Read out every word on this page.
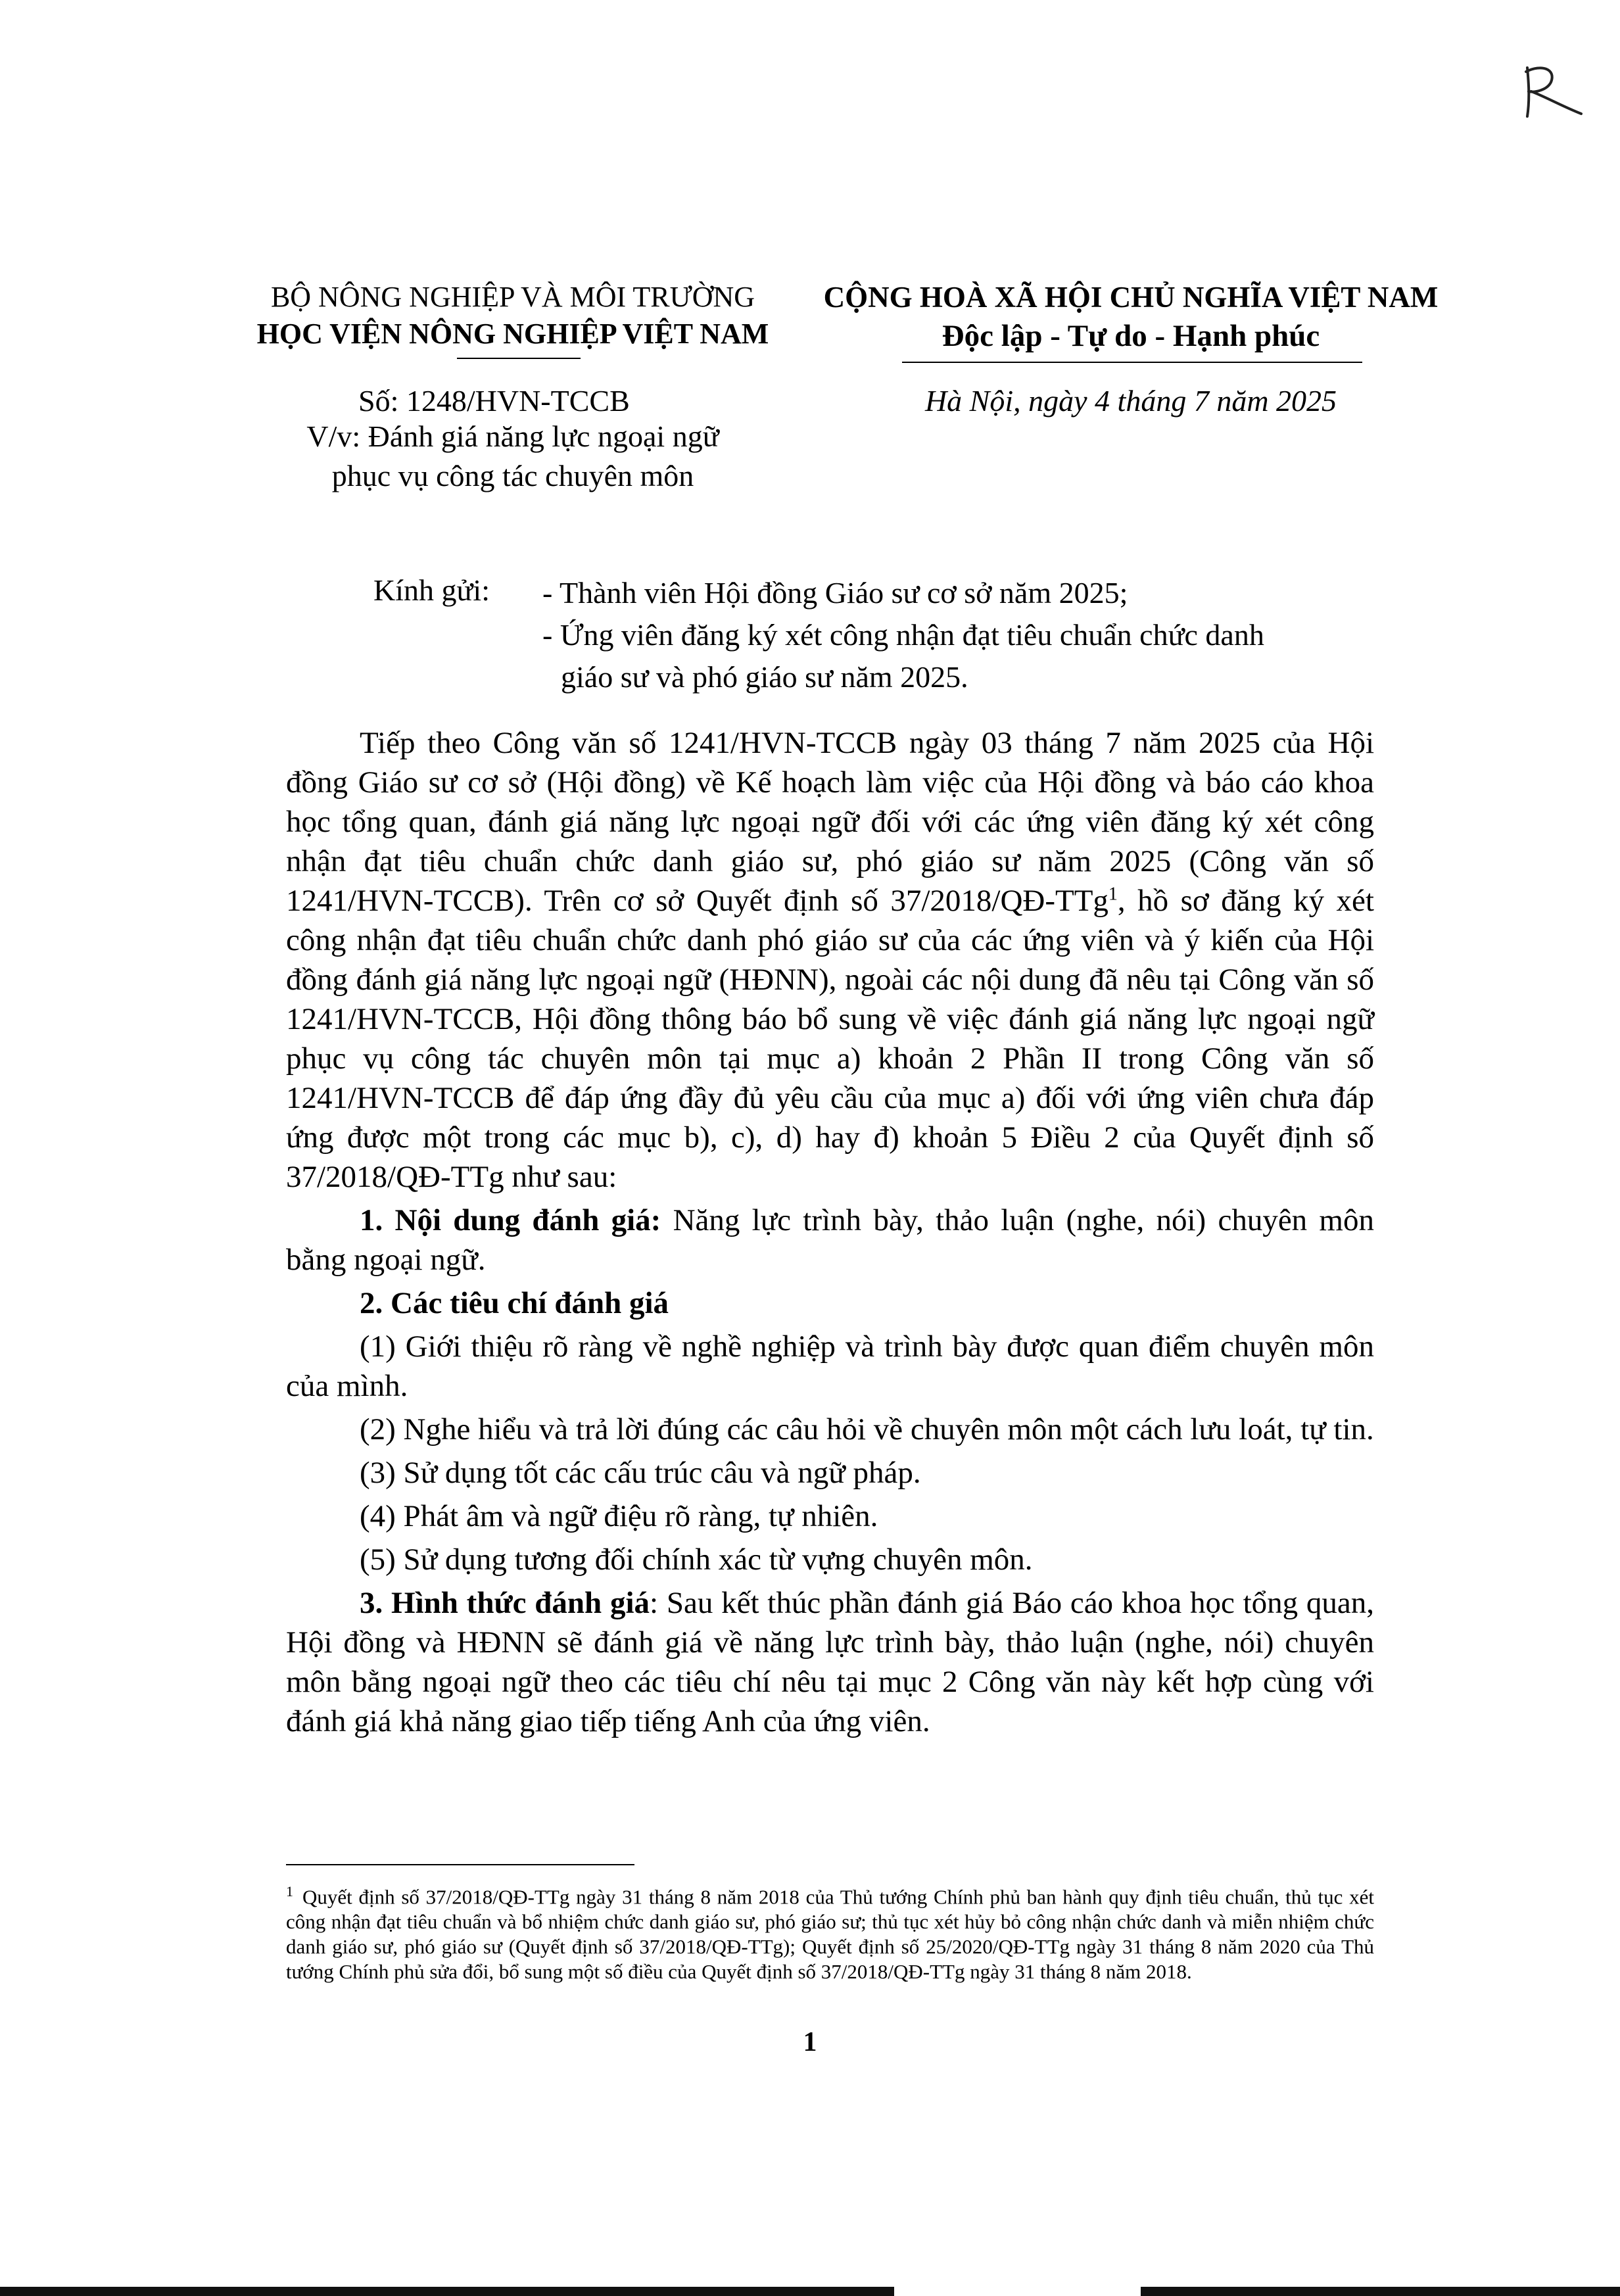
BỘ NÔNG NGHIỆP VÀ MÔI TRƯỜNG
HỌC VIỆN NÔNG NGHIỆP VIỆT NAM
Số: 1248/HVN-TCCB
V/v: Đánh giá năng lực ngoại ngữ
phục vụ công tác chuyên môn
CỘNG HOÀ XÃ HỘI CHỦ NGHĨA VIỆT NAM
Độc lập - Tự do - Hạnh phúc
Hà Nội, ngày 4 tháng 7 năm 2025
Kính gửi: - Thành viên Hội đồng Giáo sư cơ sở năm 2025;
- Ứng viên đăng ký xét công nhận đạt tiêu chuẩn chức danh
giáo sư và phó giáo sư năm 2025.

Tiếp theo Công văn số 1241/HVN-TCCB ngày 03 tháng 7 năm 2025 của Hội đồng Giáo sư cơ sở (Hội đồng) về Kế hoạch làm việc của Hội đồng và báo cáo khoa học tổng quan, đánh giá năng lực ngoại ngữ đối với các ứng viên đăng ký xét công nhận đạt tiêu chuẩn chức danh giáo sư, phó giáo sư năm 2025 (Công văn số 1241/HVN-TCCB). Trên cơ sở Quyết định số 37/2018/QĐ-TTg$^1$, hồ sơ đăng ký xét công nhận đạt tiêu chuẩn chức danh phó giáo sư của các ứng viên và ý kiến của Hội đồng đánh giá năng lực ngoại ngữ (HĐNN), ngoài các nội dung đã nêu tại Công văn số 1241/HVN-TCCB, Hội đồng thông báo bổ sung về việc đánh giá năng lực ngoại ngữ phục vụ công tác chuyên môn tại mục a) khoản 2 Phần II trong Công văn số 1241/HVN-TCCB để đáp ứng đầy đủ yêu cầu của mục a) đối với ứng viên chưa đáp ứng được một trong các mục b), c), d) hay đ) khoản 5 Điều 2 của Quyết định số 37/2018/QĐ-TTg như sau:

1. Nội dung đánh giá: Năng lực trình bày, thảo luận (nghe, nói) chuyên môn bằng ngoại ngữ.

2. Các tiêu chí đánh giá

(1) Giới thiệu rõ ràng về nghề nghiệp và trình bày được quan điểm chuyên môn của mình.

(2) Nghe hiểu và trả lời đúng các câu hỏi về chuyên môn một cách lưu loát, tự tin.

(3) Sử dụng tốt các cấu trúc câu và ngữ pháp.

(4) Phát âm và ngữ điệu rõ ràng, tự nhiên.

(5) Sử dụng tương đối chính xác từ vựng chuyên môn.

3. Hình thức đánh giá: Sau kết thúc phần đánh giá Báo cáo khoa học tổng quan, Hội đồng và HĐNN sẽ đánh giá về năng lực trình bày, thảo luận (nghe, nói) chuyên môn bằng ngoại ngữ theo các tiêu chí nêu tại mục 2 Công văn này kết hợp cùng với đánh giá khả năng giao tiếp tiếng Anh của ứng viên.

$^1$ Quyết định số 37/2018/QĐ-TTg ngày 31 tháng 8 năm 2018 của Thủ tướng Chính phủ ban hành quy định tiêu chuẩn, thủ tục xét công nhận đạt tiêu chuẩn và bổ nhiệm chức danh giáo sư, phó giáo sư; thủ tục xét hủy bỏ công nhận chức danh và miễn nhiệm chức danh giáo sư, phó giáo sư (Quyết định số 37/2018/QĐ-TTg); Quyết định số 25/2020/QĐ-TTg ngày 31 tháng 8 năm 2020 của Thủ tướng Chính phủ sửa đổi, bổ sung một số điều của Quyết định số 37/2018/QĐ-TTg ngày 31 tháng 8 năm 2018.
1
